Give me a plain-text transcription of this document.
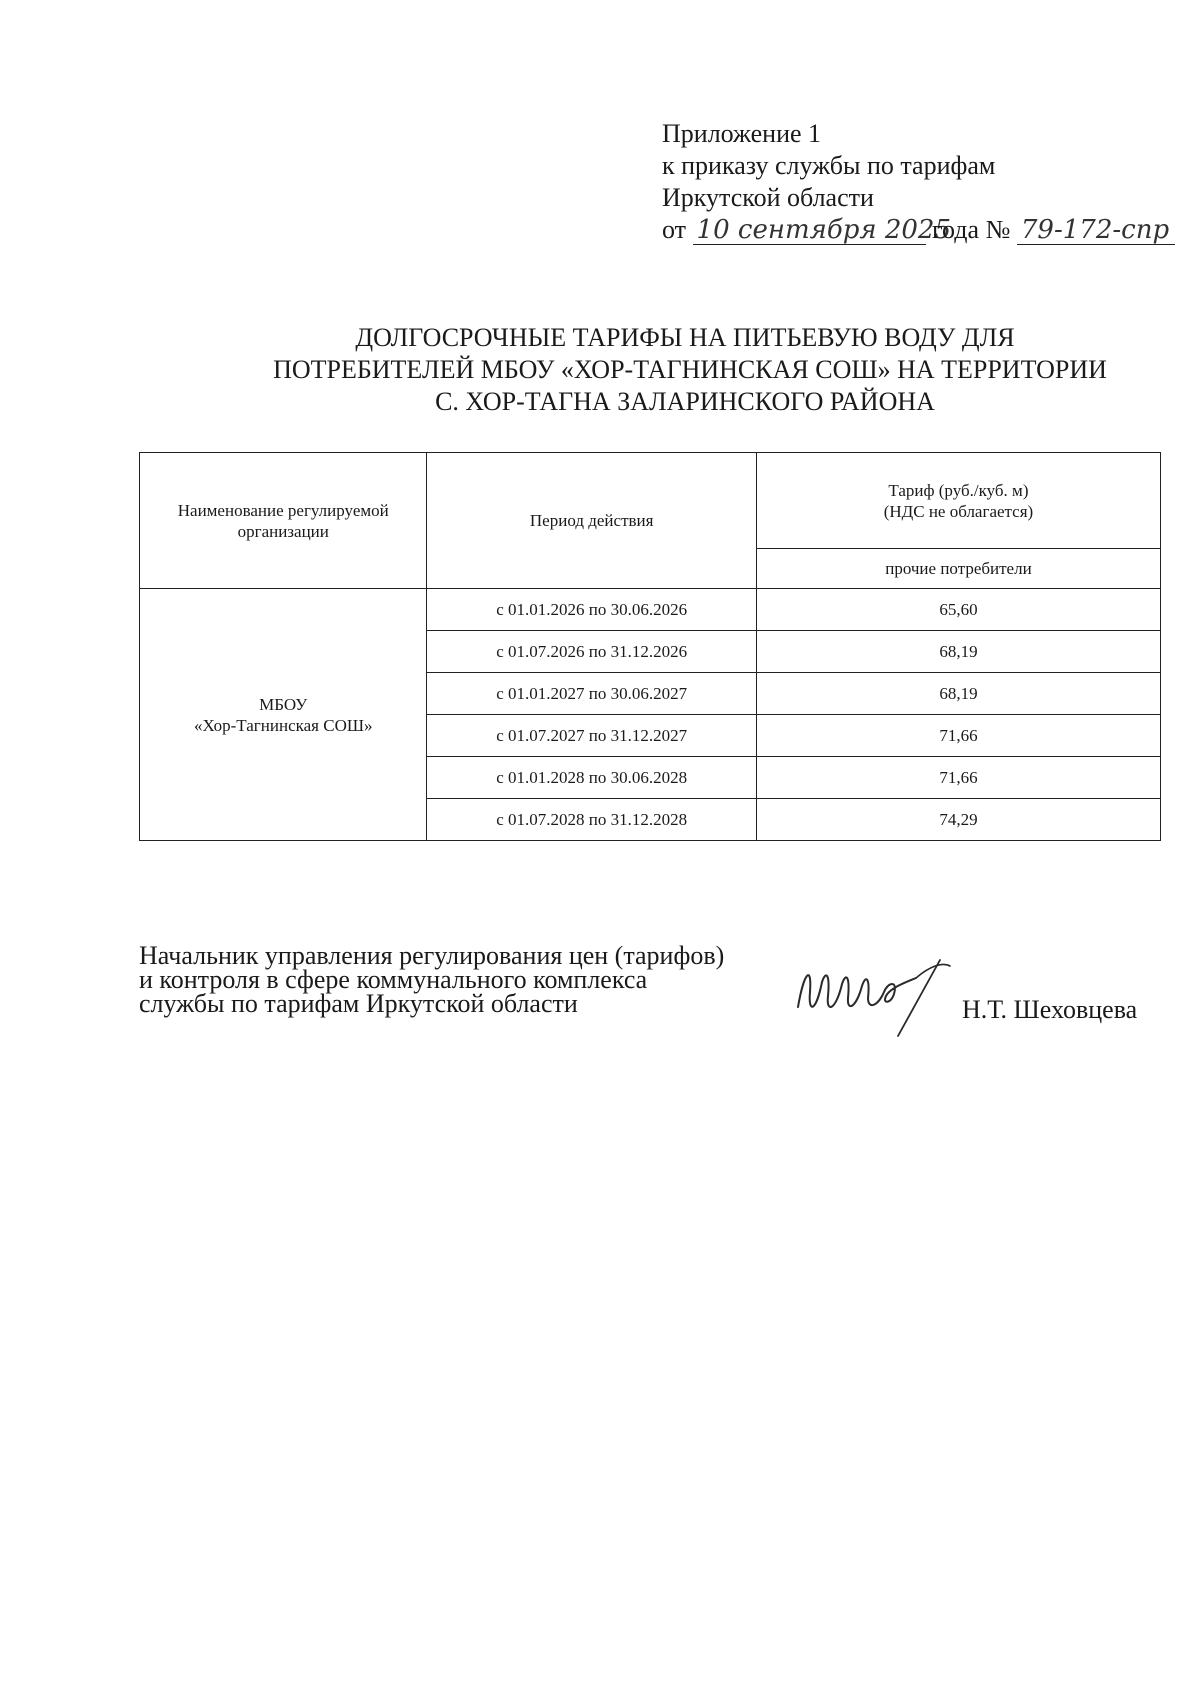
Приложение 1
к приказу службы по тарифам
Иркутской области
от 10 сентября 2025 года № 79-172-спр
ДОЛГОСРОЧНЫЕ ТАРИФЫ НА ПИТЬЕВУЮ ВОДУ ДЛЯ
ПОТРЕБИТЕЛЕЙ МБОУ «ХОР-ТАГНИНСКАЯ СОШ» НА ТЕРРИТОРИИ
С. ХОР-ТАГНА ЗАЛАРИНСКОГО РАЙОНА
Наименование регулируемой организации	Период действия	Тариф (руб./куб. м)
(НДС не облагается)

		прочие потребители

МБОУ
«Хор-Тагнинская СОШ»	с 01.01.2026 по 30.06.2026	65,60
	с 01.07.2026 по 31.12.2026	68,19
	с 01.01.2027 по 30.06.2027	68,19
	с 01.07.2027 по 31.12.2027	71,66
	с 01.01.2028 по 30.06.2028	71,66
	с 01.07.2028 по 31.12.2028	74,29
Начальник управления регулирования цен (тарифов)
и контроля в сфере коммунального комплекса
службы по тарифам Иркутской области	Н.Т. Шеховцева
